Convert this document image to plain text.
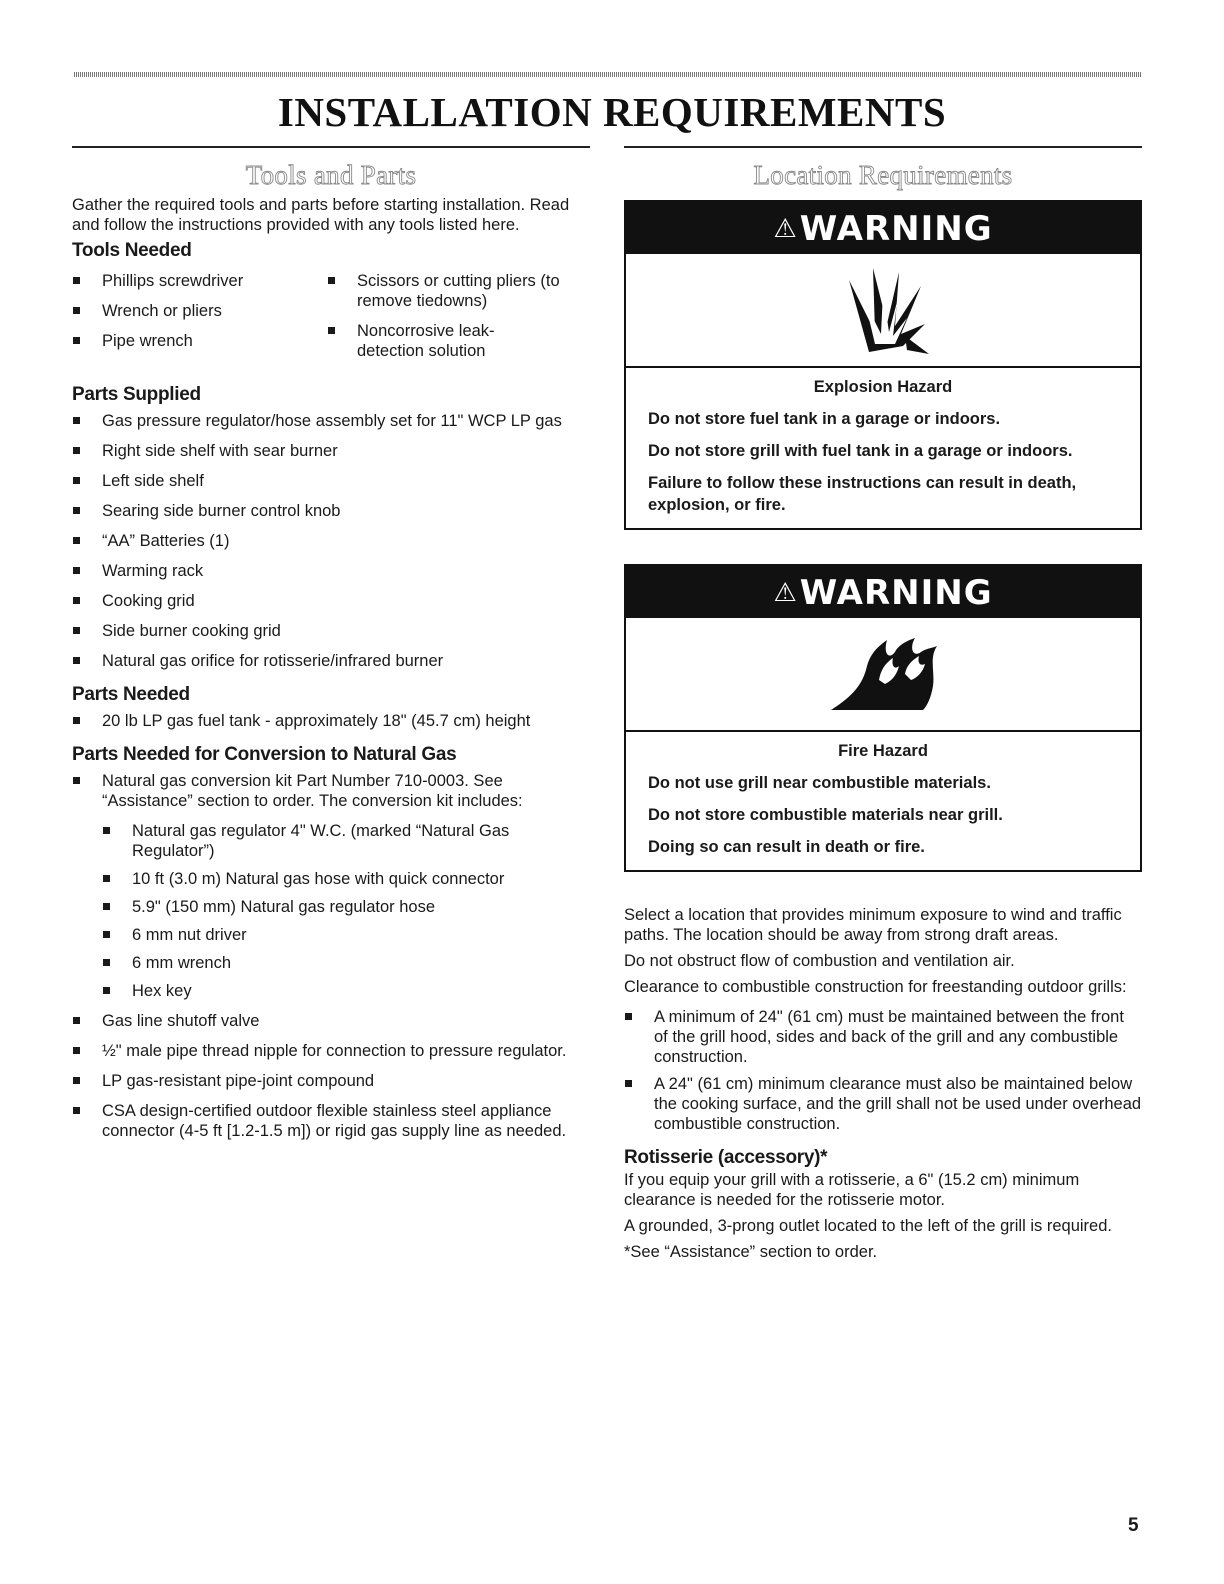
INSTALLATION REQUIREMENTS
Tools and Parts	Location Requirements

Gather the required tools and parts before starting installation. Read and follow the instructions provided with any tools listed here.

Tools Needed
Phillips screwdriver
Wrench or pliers
Pipe wrench
Scissors or cutting pliers (to remove tiedowns)
Noncorrosive leak-detection solution
Parts Supplied
Gas pressure regulator/hose assembly set for 11" WCP LP gas
Right side shelf with sear burner
Left side shelf
Searing side burner control knob
“AA” Batteries (1)
Warming rack
Cooking grid
Side burner cooking grid
Natural gas orifice for rotisserie/infrared burner
Parts Needed
20 lb LP gas fuel tank - approximately 18" (45.7 cm) height
Parts Needed for Conversion to Natural Gas
Natural gas conversion kit Part Number 710-0003. See “Assistance” section to order. The conversion kit includes:
Natural gas regulator 4" W.C. (marked “Natural Gas Regulator”)
10 ft (3.0 m) Natural gas hose with quick connector
5.9" (150 mm) Natural gas regulator hose
6 mm nut driver
6 mm wrench
Hex key
Gas line shutoff valve
½" male pipe thread nipple for connection to pressure regulator.
LP gas-resistant pipe-joint compound
CSA design-certified outdoor flexible stainless steel appliance connector (4-5 ft [1.2-1.5 m]) or rigid gas supply line as needed.
⚠WARNING
Explosion Hazard

Do not store fuel tank in a garage or indoors.

Do not store grill with fuel tank in a garage or indoors.

Failure to follow these instructions can result in death, explosion, or fire.

⚠WARNING
Fire Hazard

Do not use grill near combustible materials.

Do not store combustible materials near grill.

Doing so can result in death or fire.

Select a location that provides minimum exposure to wind and traffic paths. The location should be away from strong draft areas.

Do not obstruct flow of combustion and ventilation air.

Clearance to combustible construction for freestanding outdoor grills:

A minimum of 24" (61 cm) must be maintained between the front of the grill hood, sides and back of the grill and any combustible construction.
A 24" (61 cm) minimum clearance must also be maintained below the cooking surface, and the grill shall not be used under overhead combustible construction.
Rotisserie (accessory)*

If you equip your grill with a rotisserie, a 6" (15.2 cm) minimum clearance is needed for the rotisserie motor.

A grounded, 3-prong outlet located to the left of the grill is required.

*See “Assistance” section to order.

5
